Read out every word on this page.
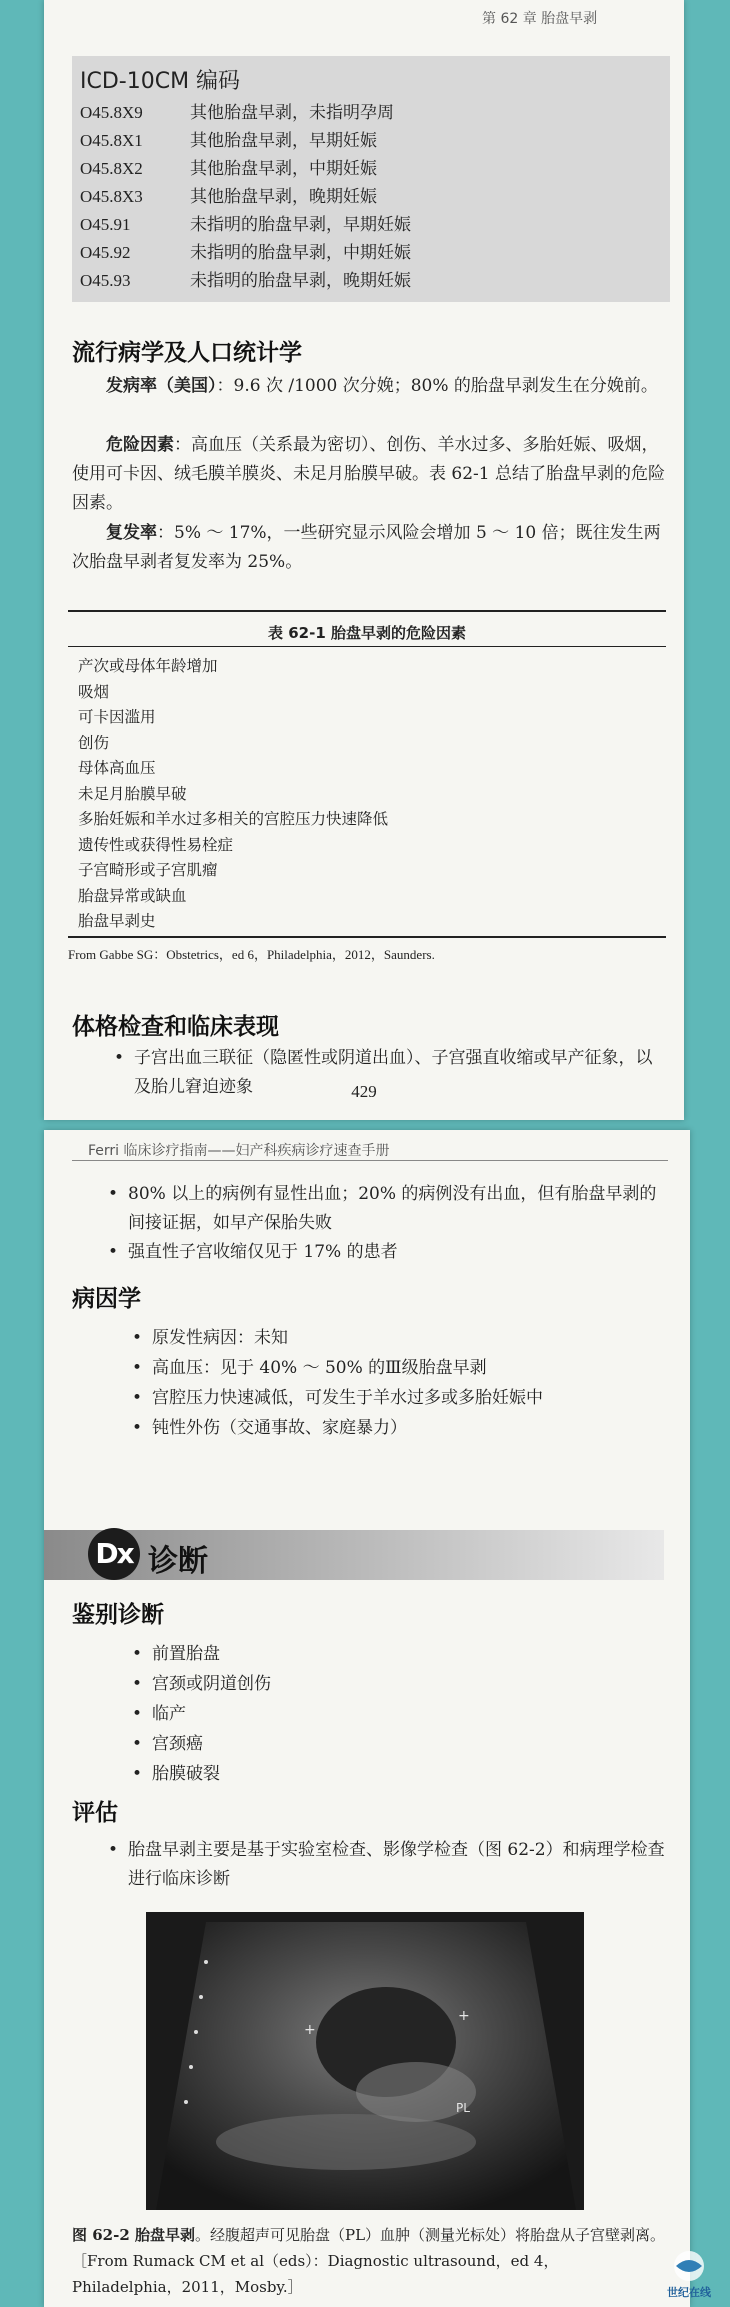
第 62 章 胎盘早剥
ICD-10CM 编码
O45.8X9	其他胎盘早剥，未指明孕周
O45.8X1	其他胎盘早剥，早期妊娠
O45.8X2	其他胎盘早剥，中期妊娠
O45.8X3	其他胎盘早剥，晚期妊娠
O45.91	未指明的胎盘早剥，早期妊娠
O45.92	未指明的胎盘早剥，中期妊娠
O45.93	未指明的胎盘早剥，晚期妊娠
流行病学及人口统计学
发病率（美国）：9.6 次 /1000 次分娩；80% 的胎盘早剥发生在分娩前。
危险因素：高血压（关系最为密切）、创伤、羊水过多、多胎妊娠、吸烟，使用可卡因、绒毛膜羊膜炎、未足月胎膜早破。表 62-1 总结了胎盘早剥的危险因素。
复发率：5% ～ 17%，一些研究显示风险会增加 5 ～ 10 倍；既往发生两次胎盘早剥者复发率为 25%。
表 62-1 胎盘早剥的危险因素
产次或母体年龄增加
吸烟
可卡因滥用
创伤
母体高血压
未足月胎膜早破
多胎妊娠和羊水过多相关的宫腔压力快速降低
遗传性或获得性易栓症
子宫畸形或子宫肌瘤
胎盘异常或缺血
胎盘早剥史
From Gabbe SG：Obstetrics，ed 6，Philadelphia，2012，Saunders.
体格检查和临床表现
• 子宫出血三联征（隐匿性或阴道出血）、子宫强直收缩或早产征象，以及胎儿窘迫迹象	429
Ferri 临床诊疗指南——妇产科疾病诊疗速查手册
• 80% 以上的病例有显性出血；20% 的病例没有出血，但有胎盘早剥的间接证据，如早产保胎失败
• 强直性子宫收缩仅见于 17% 的患者
病因学
• 原发性病因：未知
• 高血压：见于 40% ～ 50% 的Ⅲ级胎盘早剥
• 宫腔压力快速减低，可发生于羊水过多或多胎妊娠中
• 钝性外伤（交通事故、家庭暴力）
Dx 诊断
鉴别诊断
• 前置胎盘
• 宫颈或阴道创伤
• 临产
• 宫颈癌
• 胎膜破裂
评估
• 胎盘早剥主要是基于实验室检查、影像学检查（图 62-2）和病理学检查进行临床诊断
+
+
PL
图 62-2 胎盘早剥。经腹超声可见胎盘（PL）血肿（测量光标处）将胎盘从子宫壁剥离。［From Rumack CM et al（eds）：Diagnostic ultrasound，ed 4，Philadelphia，2011，Mosby.］	世纪在线
